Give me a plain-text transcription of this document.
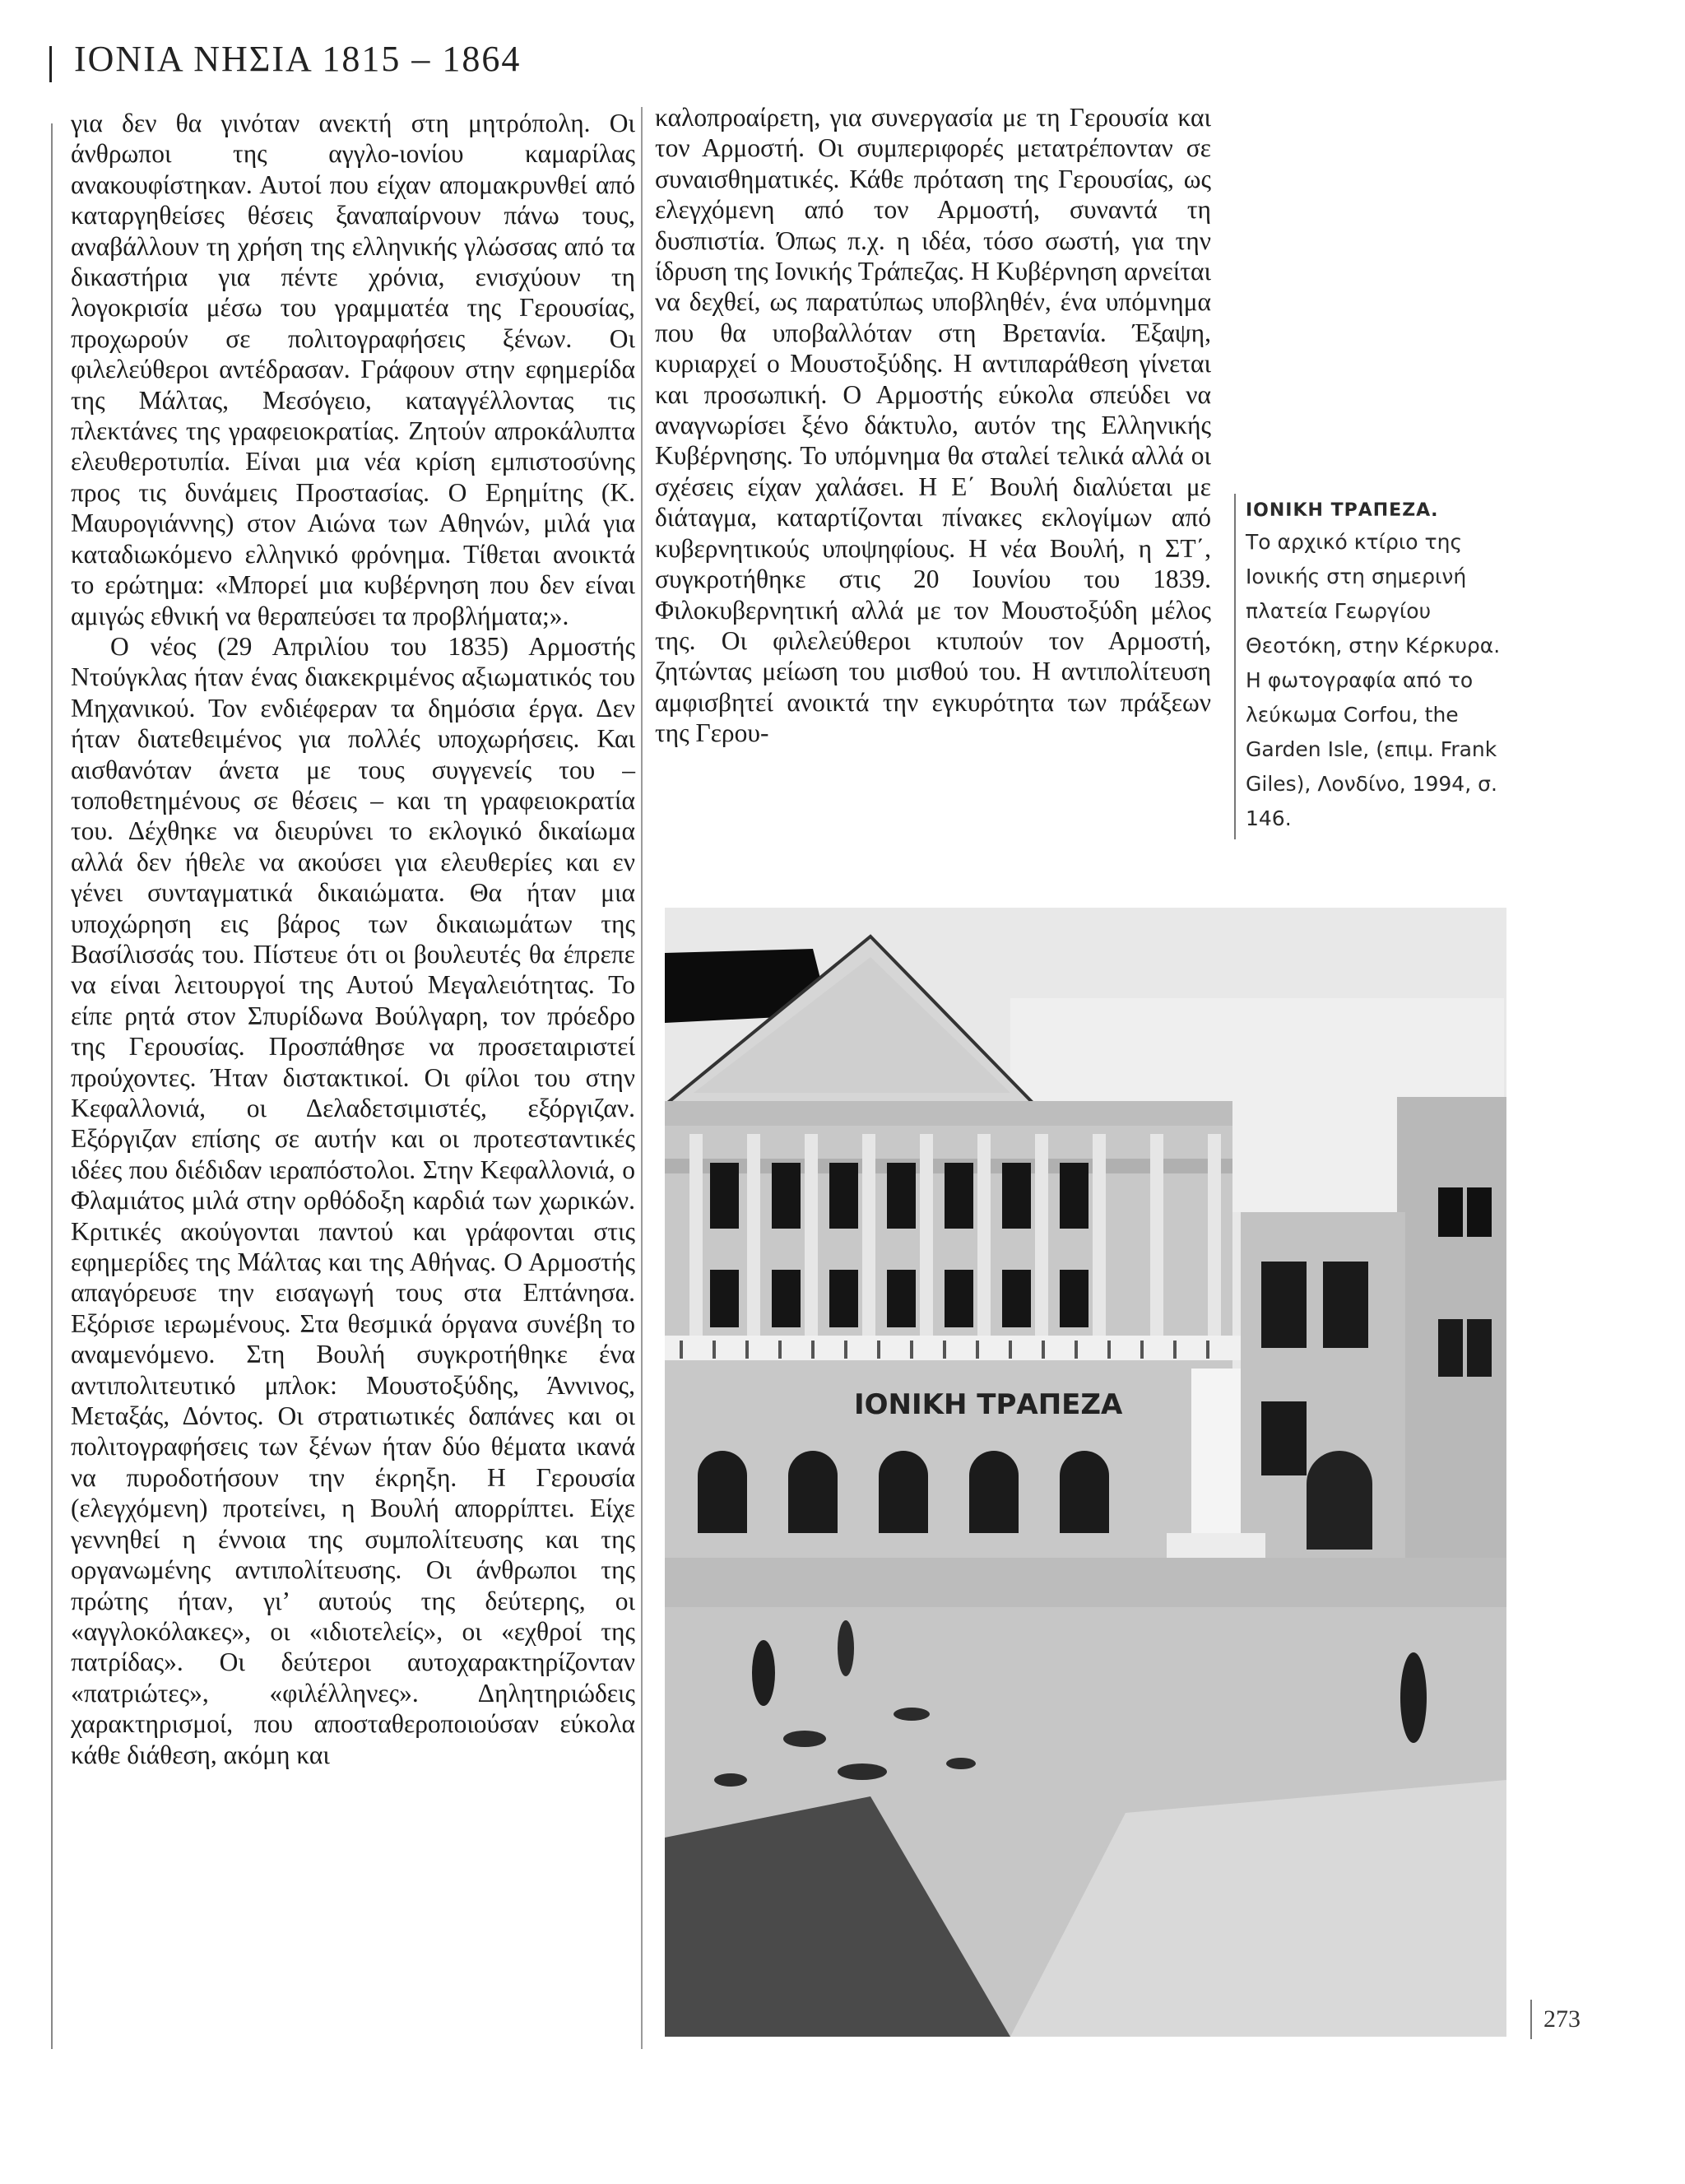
ΙΟΝΙΑ ΝΗΣΙΑ 1815 – 1864

για δεν θα γινόταν ανεκτή στη μητρόπολη. Οι άνθρωποι της αγγλο-ιονίου καμαρίλας ανακουφίστηκαν. Αυτοί που είχαν απομακρυνθεί από καταργηθείσες θέσεις ξαναπαίρνουν πάνω τους, αναβάλλουν τη χρήση της ελληνικής γλώσσας από τα δικαστήρια για πέντε χρόνια, ενισχύουν τη λογοκρισία μέσω του γραμματέα της Γερουσίας, προχωρούν σε πολιτογραφήσεις ξένων. Οι φιλελεύθεροι αντέδρασαν. Γράφουν στην εφημερίδα της Μάλτας, Μεσόγειο, καταγγέλλοντας τις πλεκτάνες της γραφειοκρατίας. Ζητούν απροκάλυπτα ελευθεροτυπία. Είναι μια νέα κρίση εμπιστοσύνης προς τις δυνάμεις Προστασίας. Ο Ερημίτης (Κ. Μαυρογιάννης) στον Αιώνα των Αθηνών, μιλά για καταδιωκόμενο ελληνικό φρόνημα. Τίθεται ανοικτά το ερώτημα: «Μπορεί μια κυβέρνηση που δεν είναι αμιγώς εθνική να θεραπεύσει τα προβλήματα;».

Ο νέος (29 Απριλίου του 1835) Αρμοστής Ντούγκλας ήταν ένας διακεκριμένος αξιωματικός του Μηχανικού. Τον ενδιέφεραν τα δημόσια έργα. Δεν ήταν διατεθειμένος για πολλές υποχωρήσεις. Και αισθανόταν άνετα με τους συγγενείς του – τοποθετημένους σε θέσεις – και τη γραφειοκρατία του. Δέχθηκε να διευρύνει το εκλογικό δικαίωμα αλλά δεν ήθελε να ακούσει για ελευθερίες και εν γένει συνταγματικά δικαιώματα. Θα ήταν μια υποχώρηση εις βάρος των δικαιωμάτων της Βασίλισσάς του. Πίστευε ότι οι βουλευτές θα έπρεπε να είναι λειτουργοί της Αυτού Μεγαλειότητας. Το είπε ρητά στον Σπυρίδωνα Βούλγαρη, τον πρόεδρο της Γερουσίας. Προσπάθησε να προσεταιριστεί πρoύχοντες. Ήταν διστακτικοί. Οι φίλοι του στην Κεφαλλονιά, οι Δελαδετσιμιστές, εξόργιζαν. Εξόργιζαν επίσης σε αυτήν και οι προτεσταντικές ιδέες που διέδιδαν ιεραπόστολοι. Στην Κεφαλλονιά, ο Φλαμιάτος μιλά στην ορθόδοξη καρδιά των χωρικών. Κριτικές ακούγονται παντού και γράφονται στις εφημερίδες της Μάλτας και της Αθήνας. Ο Αρμοστής απαγόρευσε την εισαγωγή τους στα Επτάνησα. Εξόρισε ιερωμένους. Στα θεσμικά όργανα συνέβη το αναμενόμενο. Στη Βουλή συγκροτήθηκε ένα αντιπολιτευτικό μπλοκ: Μουστοξύδης, Άννινος, Μεταξάς, Δόντος. Οι στρατιωτικές δαπάνες και οι πολιτογραφήσεις των ξένων ήταν δύο θέματα ικανά να πυροδοτήσουν την έκρηξη. Η Γερουσία (ελεγχόμενη) προτείνει, η Βουλή απορρίπτει. Είχε γεννηθεί η έννοια της συμπολίτευσης και της οργανωμένης αντιπολίτευσης. Οι άνθρωποι της πρώτης ήταν, γι’ αυτούς της δεύτερης, οι «αγγλοκόλακες», οι «ιδιοτελείς», οι «εχθροί της πατρίδας». Οι δεύτεροι αυτοχαρακτηρίζονταν «πατριώτες», «φιλέλληνες». Δηλητηριώδεις χαρακτηρισμοί, που αποσταθεροποιούσαν εύκολα κάθε διάθεση, ακόμη και

καλοπροαίρετη, για συνεργασία με τη Γερουσία και τον Αρμοστή. Οι συμπεριφορές μετατρέπονταν σε συναισθηματικές. Κάθε πρόταση της Γερουσίας, ως ελεγχόμενη από τον Αρμοστή, συναντά τη δυσπιστία. Όπως π.χ. η ιδέα, τόσο σωστή, για την ίδρυση της Ιονικής Τράπεζας. Η Κυβέρνηση αρνείται να δεχθεί, ως παρατύπως υποβληθέν, ένα υπόμνημα που θα υποβαλλόταν στη Βρετανία. Έξαψη, κυριαρχεί ο Μουστοξύδης. Η αντιπαράθεση γίνεται και προσωπική. Ο Αρμοστής εύκολα σπεύδει να αναγνωρίσει ξένο δάκτυλο, αυτόν της Ελληνικής Κυβέρνησης. Το υπόμνημα θα σταλεί τελικά αλλά οι σχέσεις είχαν χαλάσει. Η Ε΄ Βουλή διαλύεται με διάταγμα, καταρτίζονται πίνακες εκλογίμων από κυβερνητικούς υποψηφίους. Η νέα Βουλή, η ΣΤ΄, συγκροτήθηκε στις 20 Ιουνίου του 1839. Φιλοκυβερνητική αλλά με τον Μουστοξύδη μέλος της. Οι φιλελεύθεροι κτυπούν τον Αρμοστή, ζητώντας μείωση του μισθού του. Η αντιπολίτευση αμφισβητεί ανοικτά την εγκυρότητα των πράξεων της Γερου-

ΙΟΝΙΚΗ ΤΡΑΠΕΖΑ.
Το αρχικό κτίριο της Ιονικής στη σημερινή πλατεία Γεωργίου Θεοτόκη, στην Κέρκυρα. Η φωτογραφία από το λεύκωμα Corfou, the Garden Isle, (επιμ. Frank Giles), Λονδίνο, 1994, σ. 146.
ΙΟΝΙΚΗ ΤΡΑΠΕΖΑ
273
